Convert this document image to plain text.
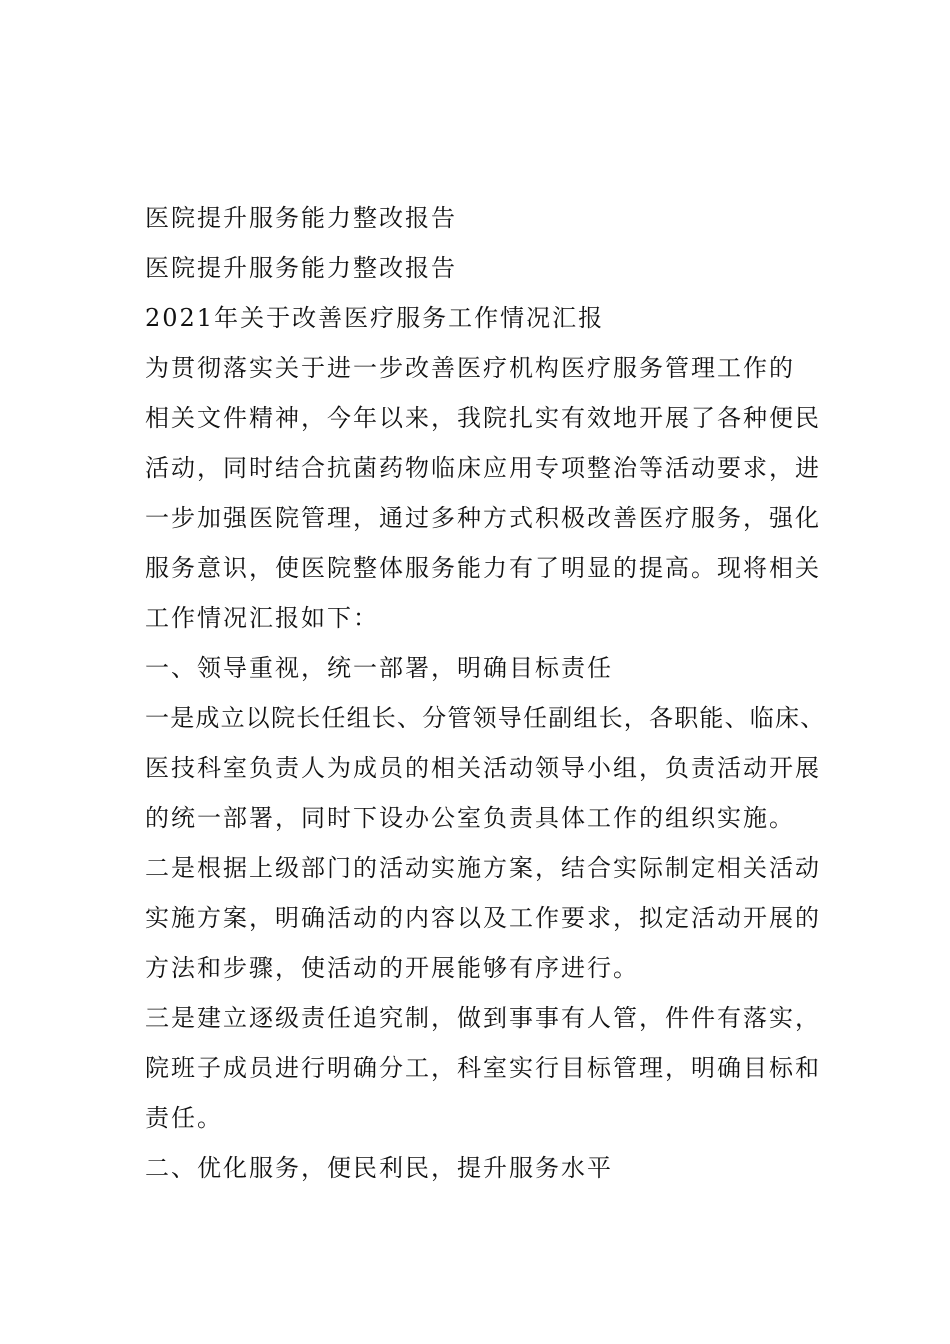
医院提升服务能力整改报告
医院提升服务能力整改报告
2021年关于改善医疗服务工作情况汇报
为贯彻落实关于进一步改善医疗机构医疗服务管理工作的
相关文件精神，今年以来，我院扎实有效地开展了各种便民
活动，同时结合抗菌药物临床应用专项整治等活动要求，进
一步加强医院管理，通过多种方式积极改善医疗服务，强化
服务意识，使医院整体服务能力有了明显的提高。现将相关
工作情况汇报如下：
一、领导重视，统一部署，明确目标责任
一是成立以院长任组长、分管领导任副组长，各职能、临床、
医技科室负责人为成员的相关活动领导小组，负责活动开展
的统一部署，同时下设办公室负责具体工作的组织实施。
二是根据上级部门的活动实施方案，结合实际制定相关活动
实施方案，明确活动的内容以及工作要求，拟定活动开展的
方法和步骤，使活动的开展能够有序进行。
三是建立逐级责任追究制，做到事事有人管，件件有落实，
院班子成员进行明确分工，科室实行目标管理，明确目标和
责任。
二、优化服务，便民利民，提升服务水平
